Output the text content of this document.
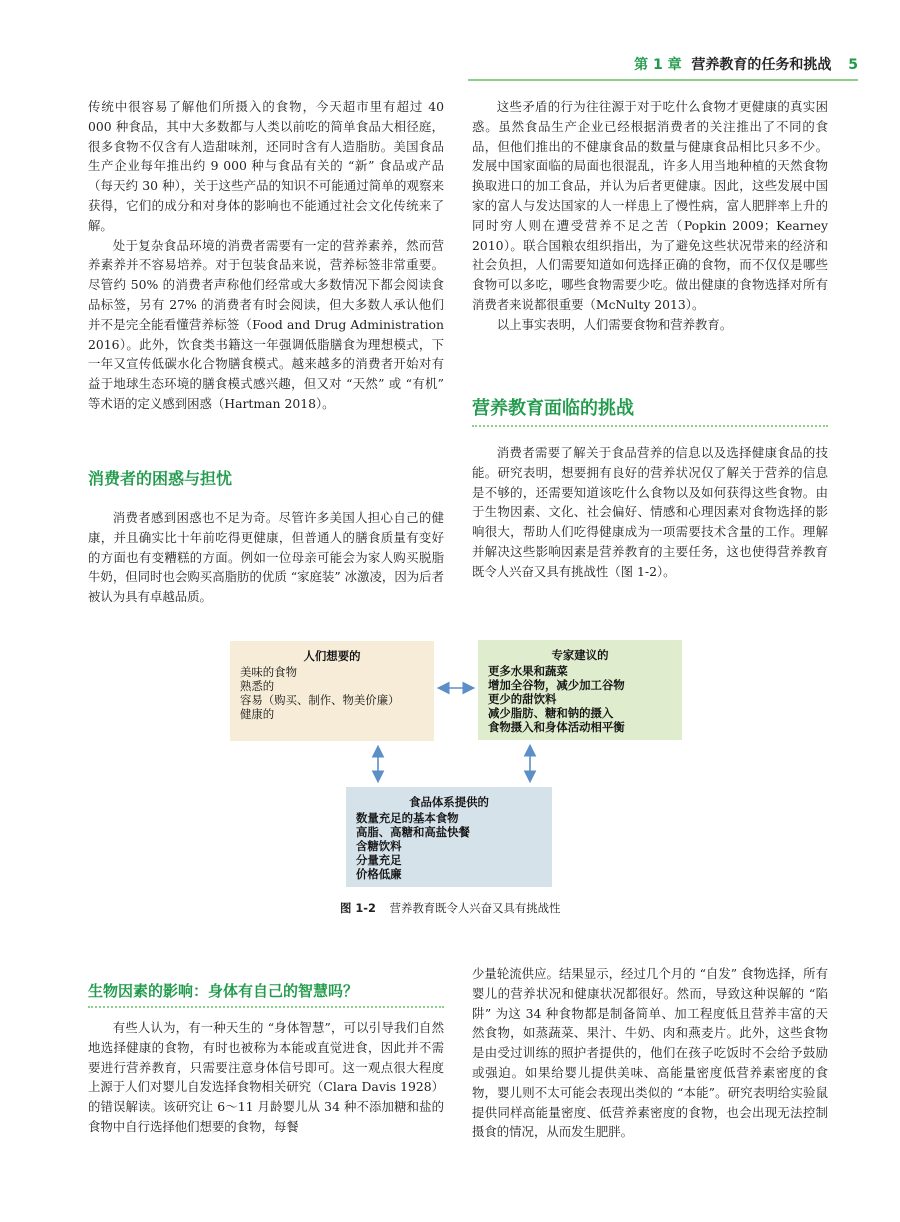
第 1 章 营养教育的任务和挑战 5

传统中很容易了解他们所摄入的食物，今天超市里有超过 40 000 种食品，其中大多数都与人类以前吃的简单食品大相径庭，很多食物不仅含有人造甜味剂，还同时含有人造脂肪。美国食品生产企业每年推出约 9 000 种与食品有关的 “新” 食品或产品（每天约 30 种），关于这些产品的知识不可能通过简单的观察来获得，它们的成分和对身体的影响也不能通过社会文化传统来了解。

处于复杂食品环境的消费者需要有一定的营养素养，然而营养素养并不容易培养。对于包装食品来说，营养标签非常重要。尽管约 50% 的消费者声称他们经常或大多数情况下都会阅读食品标签，另有 27% 的消费者有时会阅读，但大多数人承认他们并不是完全能看懂营养标签（Food and Drug Administration 2016）。此外，饮食类书籍这一年强调低脂膳食为理想模式，下一年又宣传低碳水化合物膳食模式。越来越多的消费者开始对有益于地球生态环境的膳食模式感兴趣，但又对 “天然” 或 “有机” 等术语的定义感到困惑（Hartman 2018）。

消费者的困惑与担忧

消费者感到困惑也不足为奇。尽管许多美国人担心自己的健康，并且确实比十年前吃得更健康，但普通人的膳食质量有变好的方面也有变糟糕的方面。例如一位母亲可能会为家人购买脱脂牛奶，但同时也会购买高脂肪的优质 “家庭装” 冰激凌，因为后者被认为具有卓越品质。

这些矛盾的行为往往源于对于吃什么食物才更健康的真实困惑。虽然食品生产企业已经根据消费者的关注推出了不同的食品，但他们推出的不健康食品的数量与健康食品相比只多不少。发展中国家面临的局面也很混乱，许多人用当地种植的天然食物换取进口的加工食品，并认为后者更健康。因此，这些发展中国家的富人与发达国家的人一样患上了慢性病，富人肥胖率上升的同时穷人则在遭受营养不足之苦（Popkin 2009；Kearney 2010）。联合国粮农组织指出，为了避免这些状况带来的经济和社会负担，人们需要知道如何选择正确的食物，而不仅仅是哪些食物可以多吃，哪些食物需要少吃。做出健康的食物选择对所有消费者来说都很重要（McNulty 2013）。

以上事实表明，人们需要食物和营养教育。

营养教育面临的挑战

消费者需要了解关于食品营养的信息以及选择健康食品的技能。研究表明，想要拥有良好的营养状况仅了解关于营养的信息是不够的，还需要知道该吃什么食物以及如何获得这些食物。由于生物因素、文化、社会偏好、情感和心理因素对食物选择的影响很大，帮助人们吃得健康成为一项需要技术含量的工作。理解并解决这些影响因素是营养教育的主要任务，这也使得营养教育既令人兴奋又具有挑战性（图 1-2）。

人们想要的
美味的食物
熟悉的
容易（购买、制作、物美价廉）
健康的
专家建议的
更多水果和蔬菜
增加全谷物，减少加工谷物
更少的甜饮料
减少脂肪、糖和钠的摄入
食物摄入和身体活动相平衡
食品体系提供的
数量充足的基本食物
高脂、高糖和高盐快餐
含糖饮料
分量充足
价格低廉
图 1-2 营养教育既令人兴奋又具有挑战性
生物因素的影响：身体有自己的智慧吗？

有些人认为，有一种天生的 “身体智慧”，可以引导我们自然地选择健康的食物，有时也被称为本能或直觉进食，因此并不需要进行营养教育，只需要注意身体信号即可。这一观点很大程度上源于人们对婴儿自发选择食物相关研究（Clara Davis 1928）的错误解读。该研究让 6～11 月龄婴儿从 34 种不添加糖和盐的食物中自行选择他们想要的食物，每餐

少量轮流供应。结果显示，经过几个月的 “自发” 食物选择，所有婴儿的营养状况和健康状况都很好。然而，导致这种误解的 “陷阱” 为这 34 种食物都是制备简单、加工程度低且营养丰富的天然食物，如蒸蔬菜、果汁、牛奶、肉和燕麦片。此外，这些食物是由受过训练的照护者提供的，他们在孩子吃饭时不会给予鼓励或强迫。如果给婴儿提供美味、高能量密度低营养素密度的食物，婴儿则不太可能会表现出类似的 “本能”。研究表明给实验鼠提供同样高能量密度、低营养素密度的食物，也会出现无法控制摄食的情况，从而发生肥胖。
